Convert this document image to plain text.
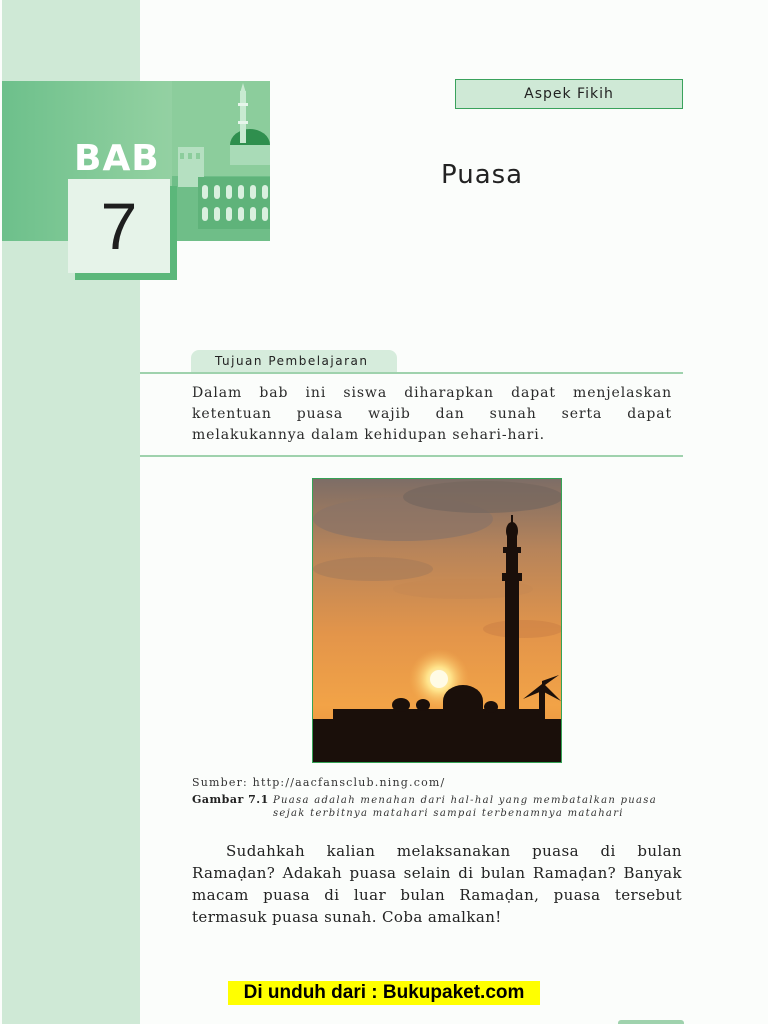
BAB
7
Aspek Fikih
Puasa
Tujuan Pembelajaran
Dalam bab ini siswa diharapkan dapat menjelaskan ketentuan puasa wajib dan sunah serta dapat melakukannya dalam kehidupan sehari-hari.
Sumber: http://aacfansclub.ning.com/
Gambar 7.1 Puasa adalah menahan dari hal-hal yang membatalkan puasa sejak terbitnya matahari sampai terbenamnya matahari
Sudahkah kalian melaksanakan puasa di bulan Ramaḍan? Adakah puasa selain di bulan Ramaḍan? Banyak macam puasa di luar bulan Ramaḍan, puasa tersebut termasuk puasa sunah. Coba amalkan!
Di unduh dari : Bukupaket.com
